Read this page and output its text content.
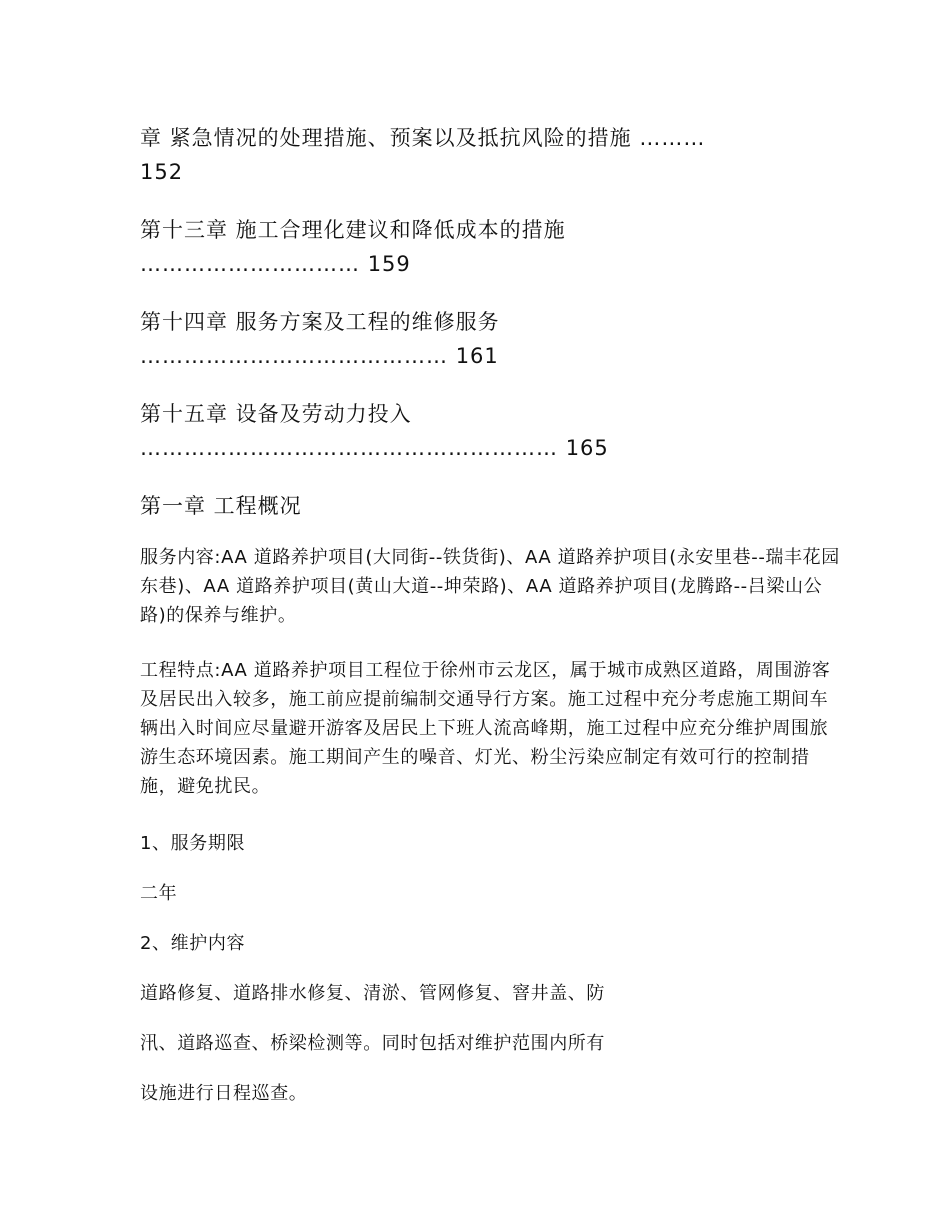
章 紧急情况的处理措施、预案以及抵抗风险的措施 ………
152
第十三章 施工合理化建议和降低成本的措施
………………………… 159
第十四章 服务方案及工程的维修服务
…………………………………… 161
第十五章 设备及劳动力投入
………………………………………………… 165
第一章 工程概况
服务内容:AA 道路养护项目(大同街--铁货街)、AA 道路养护项目(永安里巷--瑞丰花园东巷)、AA 道路养护项目(黄山大道--坤荣路)、AA 道路养护项目(龙腾路--吕梁山公路)的保养与维护。
工程特点:AA 道路养护项目工程位于徐州市云龙区，属于城市成熟区道路，周围游客及居民出入较多，施工前应提前编制交通导行方案。施工过程中充分考虑施工期间车辆出入时间应尽量避开游客及居民上下班人流高峰期，施工过程中应充分维护周围旅游生态环境因素。施工期间产生的噪音、灯光、粉尘污染应制定有效可行的控制措施，避免扰民。
1、服务期限
二年
2、维护内容
道路修复、道路排水修复、清淤、管网修复、窨井盖、防
汛、道路巡查、桥梁检测等。同时包括对维护范围内所有
设施进行日程巡查。
